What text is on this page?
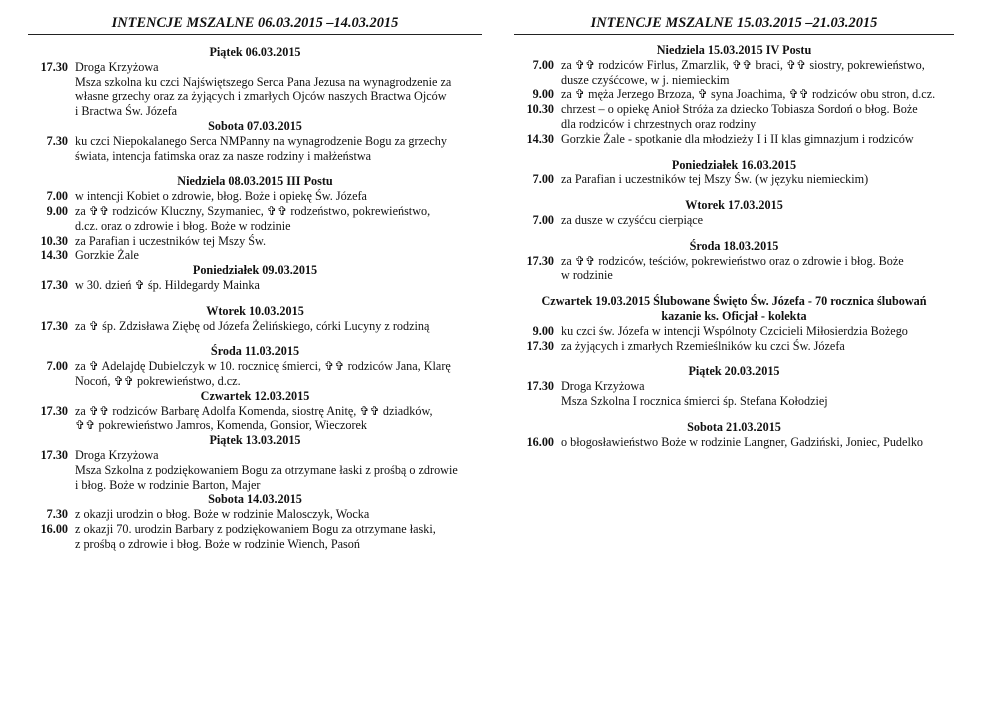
INTENCJE MSZALNE 06.03.2015 –14.03.2015
Piątek 06.03.2015
17.30 Droga Krzyżowa
Msza szkolna ku czci Najświętszego Serca Pana Jezusa na wynagrodzenie za
własne grzechy oraz za żyjących i zmarłych Ojców naszych Bractwa Ojców
i Bractwa Św. Józefa
Sobota 07.03.2015
7.30 ku czci Niepokalanego Serca NMPanny na wynagrodzenie Bogu za grzechy
świata, intencja fatimska oraz za nasze rodziny i małżeństwa
Niedziela 08.03.2015 III Postu
7.00 w intencji Kobiet o zdrowie, błog. Boże i opiekę Św. Józefa
9.00 za ✞✞ rodziców Kluczny, Szymaniec, ✞✞ rodzeństwo, pokrewieństwo,
d.cz. oraz o zdrowie i błog. Boże w rodzinie
10.30 za Parafian i uczestników tej Mszy Św.
14.30 Gorzkie Żale
Poniedziałek 09.03.2015
17.30 w 30. dzień ✞ śp. Hildegardy Mainka
Wtorek 10.03.2015
17.30 za ✞ śp. Zdzisława Ziębę od Józefa Żelińskiego, córki Lucyny z rodziną
Środa 11.03.2015
7.00 za ✞ Adelajdę Dubielczyk w 10. rocznicę śmierci, ✞✞ rodziców Jana, Klarę
Nocoń, ✞✞ pokrewieństwo, d.cz.
Czwartek 12.03.2015
17.30 za ✞✞ rodziców Barbarę Adolfa Komenda, siostrę Anitę, ✞✞ dziadków,
✞✞ pokrewieństwo Jamros, Komenda, Gonsior, Wieczorek
Piątek 13.03.2015
17.30 Droga Krzyżowa
Msza Szkolna z podziękowaniem Bogu za otrzymane łaski z prośbą o zdrowie
i błog. Boże w rodzinie Barton, Majer
Sobota 14.03.2015
7.30 z okazji urodzin o błog. Boże w rodzinie Malosczyk, Wocka
16.00 z okazji 70. urodzin Barbary z podziękowaniem Bogu za otrzymane łaski,
z prośbą o zdrowie i błog. Boże w rodzinie Wiench, Pasoń
INTENCJE MSZALNE 15.03.2015 –21.03.2015
Niedziela 15.03.2015 IV Postu
7.00 za ✞✞ rodziców Firlus, Zmarzlik, ✞✞ braci, ✞✞ siostry, pokrewieństwo,
dusze czyśćcowe, w j. niemieckim
9.00 za ✞ męża Jerzego Brzoza, ✞ syna Joachima, ✞✞ rodziców obu stron, d.cz.
10.30 chrzest – o opiekę Anioł Stróża za dziecko Tobiasza Sordoń o błog. Boże
dla rodziców i chrzestnych oraz rodziny
14.30 Gorzkie Żale - spotkanie dla młodzieży I i II klas gimnazjum i rodziców
Poniedziałek 16.03.2015
7.00 za Parafian i uczestników tej Mszy Św. (w języku niemieckim)
Wtorek 17.03.2015
7.00 za dusze w czyśćcu cierpiące
Środa 18.03.2015
17.30 za ✞✞ rodziców, teściów, pokrewieństwo oraz o zdrowie i błog. Boże
w rodzinie
Czwartek 19.03.2015 Ślubowane Święto Św. Józefa - 70 rocznica ślubowań
kazanie ks. Oficjał - kolekta
9.00 ku czci św. Józefa w intencji Wspólnoty Czcicieli Miłosierdzia Bożego
17.30 za żyjących i zmarłych Rzemieślników ku czci Św. Józefa
Piątek 20.03.2015
17.30 Droga Krzyżowa
Msza Szkolna I rocznica śmierci śp. Stefana Kołodziej
Sobota 21.03.2015
16.00 o błogosławieństwo Boże w rodzinie Langner, Gadziński, Joniec, Pudelko
